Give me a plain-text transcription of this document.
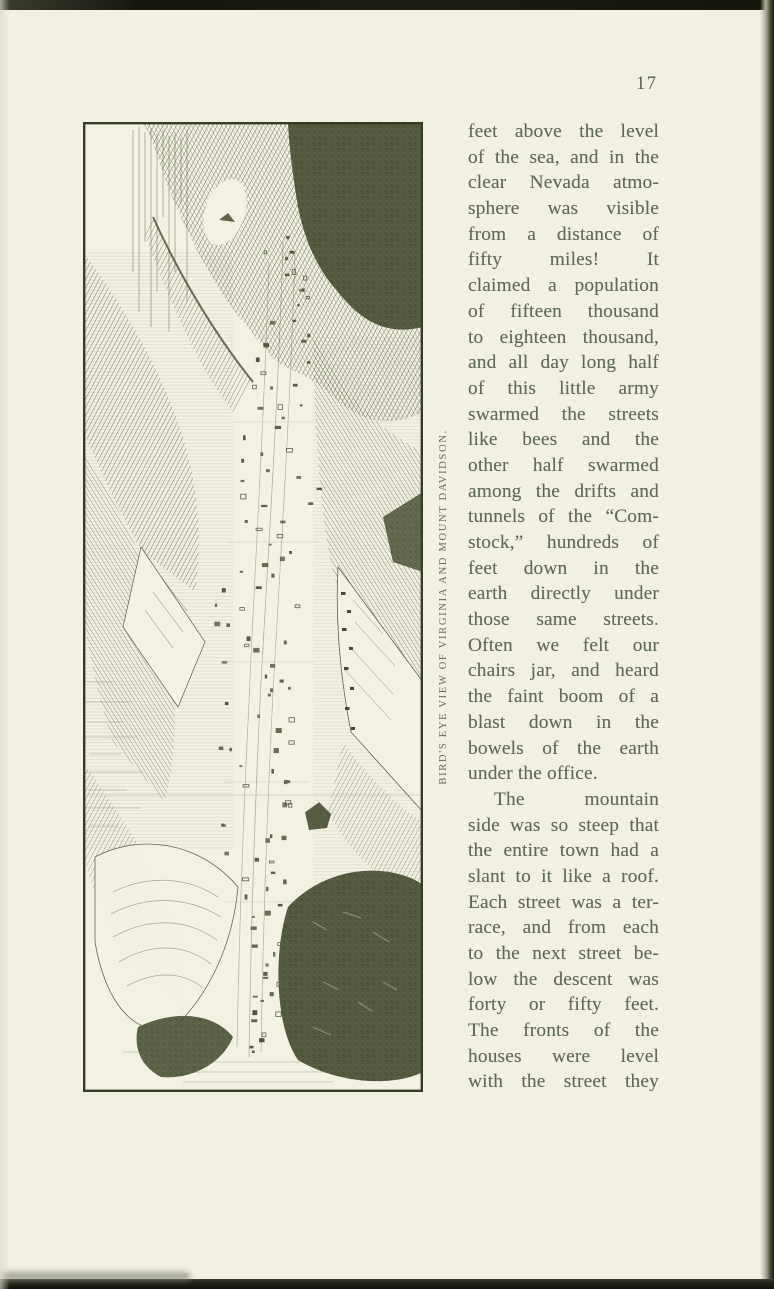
17
BIRD'S EYE VIEW OF VIRGINIA AND MOUNT DAVIDSON.
feet above the level
of the sea, and in the
clear Nevada atmo-
sphere was visible
from a distance of
fifty miles! It
claimed a population
of fifteen thousand
to eighteen thousand,
and all day long half
of this little army
swarmed the streets
like bees and the
other half swarmed
among the drifts and
tunnels of the “Com-
stock,” hundreds of
feet down in the
earth directly under
those same streets.
Often we felt our
chairs jar, and heard
the faint boom of a
blast down in the
bowels of the earth
under the office.
The mountain
side was so steep that
the entire town had a
slant to it like a roof.
Each street was a ter-
race, and from each
to the next street be-
low the descent was
forty or fifty feet.
The fronts of the
houses were level
with the street they
